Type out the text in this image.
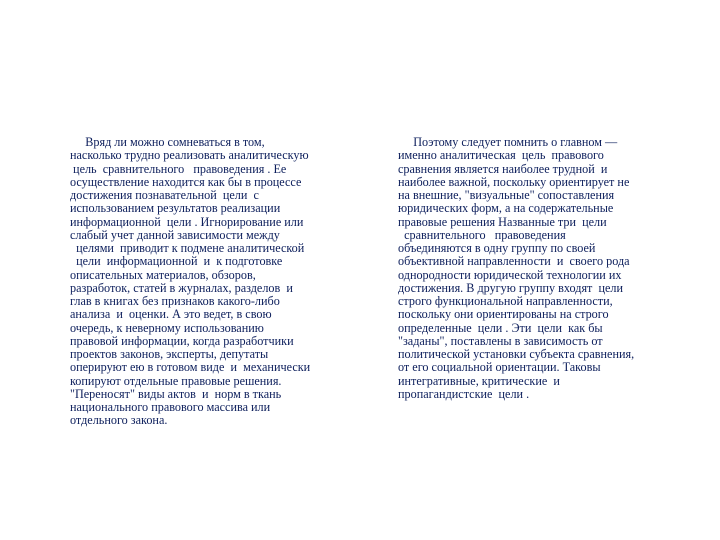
Вряд ли можно сомневаться в том,
насколько трудно реализовать аналитическую
цель  сравнительного   правоведения . Ее
осуществление находится как бы в процессе
достижения познавательной  цели  с
использованием результатов реализации
информационной  цели . Игнорирование или
слабый учет данной зависимости между
целями  приводит к подмене аналитической
цели  информационной  и  к подготовке
описательных материалов, обзоров,
разработок, статей в журналах, разделов  и
глав в книгах без признаков какого-либо
анализа  и  оценки. А это ведет, в свою
очередь, к неверному использованию
правовой информации, когда разработчики
проектов законов, эксперты, депутаты
оперируют ею в готовом виде  и  механически
копируют отдельные правовые решения.
"Переносят" виды актов  и  норм в ткань
национального правового массива или
отдельного закона.
Поэтому следует помнить о главном —
именно аналитическая  цель  правового
сравнения является наиболее трудной  и
наиболее важной, поскольку ориентирует не
на внешние, "визуальные" сопоставления
юридических форм, а на содержательные
правовые решения Названные три  цели
сравнительного   правоведения
объединяются в одну группу по своей
объективной направленности  и  своего рода
однородности юридической технологии их
достижения. В другую группу входят  цели
строго функциональной направленности,
поскольку они ориентированы на строго
определенные  цели . Эти  цели  как бы
"заданы", поставлены в зависимость от
политической установки субъекта сравнения,
от его социальной ориентации. Таковы
интегративные, критические  и
пропагандистские  цели .
